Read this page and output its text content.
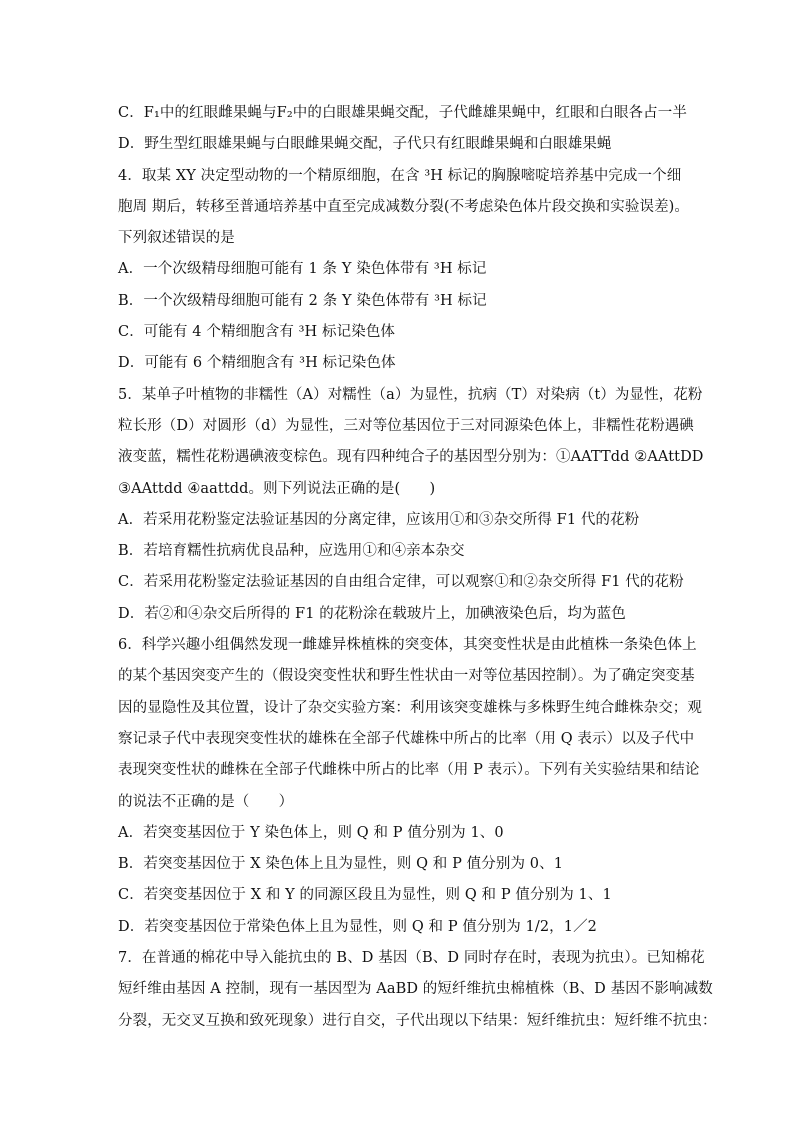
C．F₁中的红眼雌果蝇与F₂中的白眼雄果蝇交配，子代雌雄果蝇中，红眼和白眼各占一半
D．野生型红眼雄果蝇与白眼雌果蝇交配，子代只有红眼雌果蝇和白眼雄果蝇
4．取某 XY 决定型动物的一个精原细胞，在含 ³H 标记的胸腺嘧啶培养基中完成一个细
胞周 期后，转移至普通培养基中直至完成减数分裂(不考虑染色体片段交换和实验误差)。
下列叙述错误的是
A．一个次级精母细胞可能有 1 条 Y 染色体带有 ³H 标记
B．一个次级精母细胞可能有 2 条 Y 染色体带有 ³H 标记
C．可能有 4 个精细胞含有 ³H 标记染色体
D．可能有 6 个精细胞含有 ³H 标记染色体
5．某单子叶植物的非糯性（A）对糯性（a）为显性，抗病（T）对染病（t）为显性，花粉
粒长形（D）对圆形（d）为显性，三对等位基因位于三对同源染色体上，非糯性花粉遇碘
液变蓝，糯性花粉遇碘液变棕色。现有四种纯合子的基因型分别为：①AATTdd ②AAttDD
③AAttdd ④aattdd。则下列说法正确的是(　　)
A．若采用花粉鉴定法验证基因的分离定律，应该用①和③杂交所得 F1 代的花粉
B．若培育糯性抗病优良品种，应选用①和④亲本杂交
C．若采用花粉鉴定法验证基因的自由组合定律，可以观察①和②杂交所得 F1 代的花粉
D．若②和④杂交后所得的 F1 的花粉涂在载玻片上，加碘液染色后，均为蓝色
6．科学兴趣小组偶然发现一雌雄异株植株的突变体，其突变性状是由此植株一条染色体上
的某个基因突变产生的（假设突变性状和野生性状由一对等位基因控制）。为了确定突变基
因的显隐性及其位置，设计了杂交实验方案：利用该突变雄株与多株野生纯合雌株杂交；观
察记录子代中表现突变性状的雄株在全部子代雄株中所占的比率（用 Q 表示）以及子代中
表现突变性状的雌株在全部子代雌株中所占的比率（用 P 表示）。下列有关实验结果和结论
的说法不正确的是（　　）
A．若突变基因位于 Y 染色体上，则 Q 和 P 值分别为 1、0
B．若突变基因位于 X 染色体上且为显性，则 Q 和 P 值分别为 0、1
C．若突变基因位于 X 和 Y 的同源区段且为显性，则 Q 和 P 值分别为 1、1
D．若突变基因位于常染色体上且为显性，则 Q 和 P 值分别为 1/2，1／2
7．在普通的棉花中导入能抗虫的 B、D 基因（B、D 同时存在时，表现为抗虫）。已知棉花
短纤维由基因 A 控制，现有一基因型为 AaBD 的短纤维抗虫棉植株（B、D 基因不影响减数
分裂，无交叉互换和致死现象）进行自交，子代出现以下结果：短纤维抗虫：短纤维不抗虫：
